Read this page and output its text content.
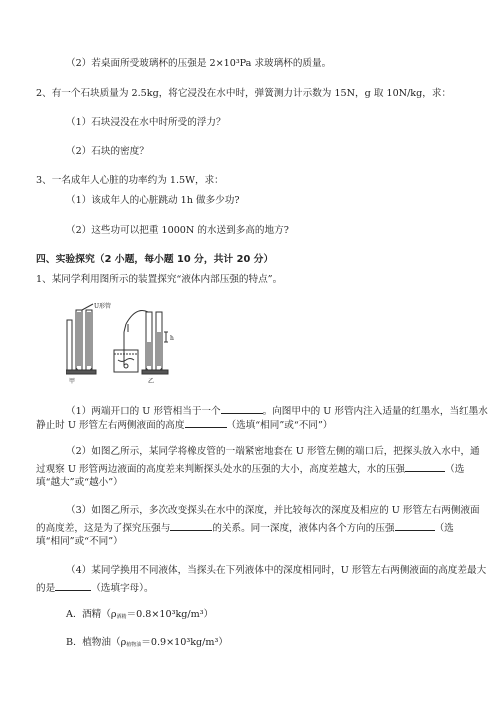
（2）若桌面所受玻璃杯的压强是 2×10³Pa 求玻璃杯的质量。
2、有一个石块质量为 2.5kg，将它浸没在水中时，弹簧测力计示数为 15N，g 取 10N/kg，求：
（1）石块浸没在水中时所受的浮力？
（2）石块的密度？
3、一名成年人心脏的功率约为 1.5W，求：
（1）该成年人的心脏跳动 1h 做多少功?
（2）这些功可以把重 1000N 的水送到多高的地方?
四、实验探究（2 小题，每小题 10 分，共计 20 分）
1、某同学利用图所示的装置探究“液体内部压强的特点”。
U形管
甲
h
乙
（1）两端开口的 U 形管相当于一个	。向图甲中的 U 形管内注入适量的红墨水，当红墨水
静止时 U 形管左右两侧液面的高度	（选填“相同”或“不同”）
（2）如图乙所示，某同学将橡皮管的一端紧密地套在 U 形管左侧的端口后，把探头放入水中，通
过观察 U 形管两边液面的高度差来判断探头处水的压强的大小，高度差越大，水的压强	（选
填“越大”或“越小”）
（3）如图乙所示，多次改变探头在水中的深度，并比较每次的深度及相应的 U 形管左右两侧液面
的高度差，这是为了探究压强与	的关系。同一深度，液体内各个方向的压强	（选
填“相同”或“不同”）
（4）某同学换用不同液体，当探头在下列液体中的深度相同时，U 形管左右两侧液面的高度差最大
的是	（选填字母）。
A. 酒精$(\rho_{酒精}=0.8\times 10^3kg/m^3)$
B. 植物油$(\rho_{植物油}=0.9\times 10^3kg/m^3)$
